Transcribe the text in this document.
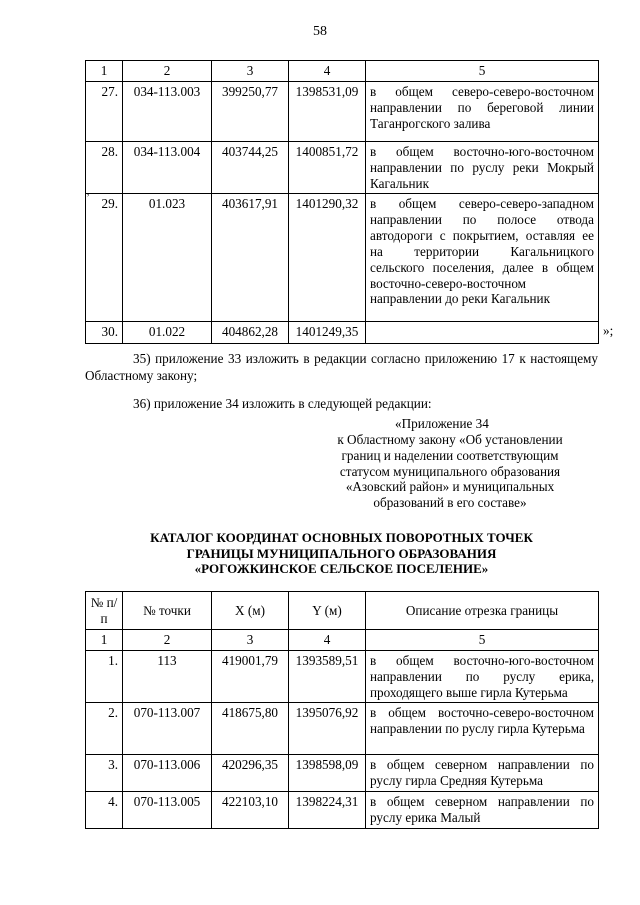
58
1	2	3	4	5
27.	034-113.003	399250,77	1398531,09	в общем северо-северо-восточном направлении по береговой линии Таганрогского залива
28.	034-113.004	403744,25	1400851,72	в общем восточно-юго-восточном направлении по руслу реки Мокрый Кагальник
29.	01.023	403617,91	1401290,32	в общем северо-северо-западном направлении по полосе отвода автодороги с покрытием, оставляя ее на территории Кагальницкого сельского поселения, далее в общем восточно-северо-восточном направлении до реки Кагальник
30.	01.022	404862,28	1401249,35		»;
,
35) приложение 33 изложить в редакции согласно приложению 17 к настоящему Областному закону;
36) приложение 34 изложить в следующей редакции:
«Приложение 34
к Областному закону «Об установлении
границ и наделении соответствующим
статусом муниципального образования
«Азовский район» и муниципальных
образований в его составе»
КАТАЛОГ КООРДИНАТ ОСНОВНЫХ ПОВОРОТНЫХ ТОЧЕК
ГРАНИЦЫ МУНИЦИПАЛЬНОГО ОБРАЗОВАНИЯ
«РОГОЖКИНСКОЕ СЕЛЬСКОЕ ПОСЕЛЕНИЕ»
№ п/п	№ точки	X (м)	Y (м)	Описание отрезка границы
1	2	3	4	5
1.	113	419001,79	1393589,51	в общем восточно-юго-восточном направлении по руслу ерика, проходящего выше гирла Кутерьма
2.	070-113.007	418675,80	1395076,92	в общем восточно-северо-восточном направлении по руслу гирла Кутерьма
3.	070-113.006	420296,35	1398598,09	в общем северном направлении по руслу гирла Средняя Кутерьма
4.	070-113.005	422103,10	1398224,31	в общем северном направлении по руслу ерика Малый
